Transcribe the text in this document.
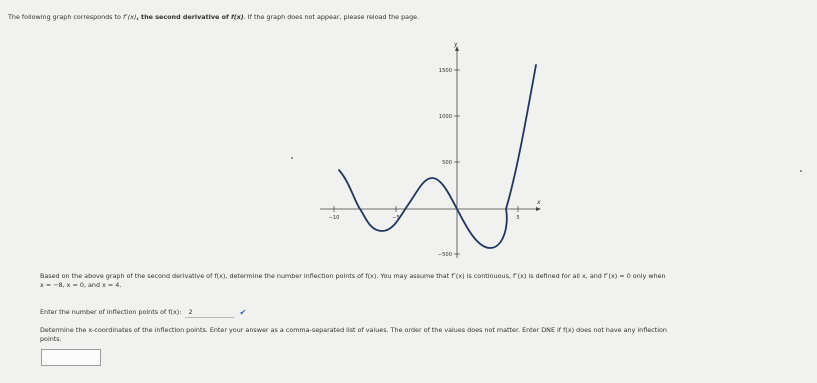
The following graph corresponds to f″(x), the second derivative of f(x). If the graph does not appear, please reload the page.
y
x
1500
1000
500
−500
−10	−5	5
Based on the above graph of the second derivative of f(x), determine the number inflection points of f(x). You may assume that f″(x) is continuous, f″(x) is defined for all x, and f″(x) = 0 only when
x = −8, x = 0, and x = 4.
Enter the number of inflection points of f(x): 2	✔
Determine the x-coordinates of the inflection points. Enter your answer as a comma-separated list of values. The order of the values does not matter. Enter DNE if f(x) does not have any inflection
points.
